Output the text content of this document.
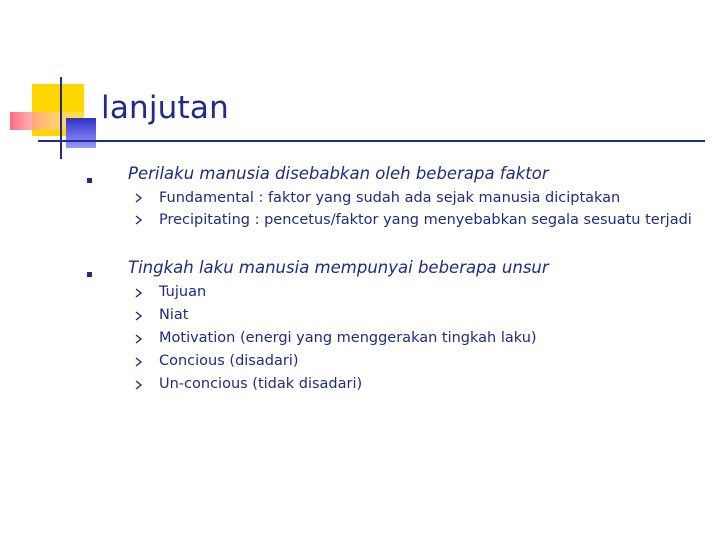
lanjutan
Perilaku manusia disebabkan oleh beberapa faktor
Fundamental : faktor yang sudah ada sejak manusia diciptakan
Precipitating : pencetus/faktor yang menyebabkan segala sesuatu terjadi
Tingkah laku manusia mempunyai beberapa unsur
Tujuan
Niat
Motivation (energi yang menggerakan tingkah laku)
Concious (disadari)
Un-concious (tidak disadari)
